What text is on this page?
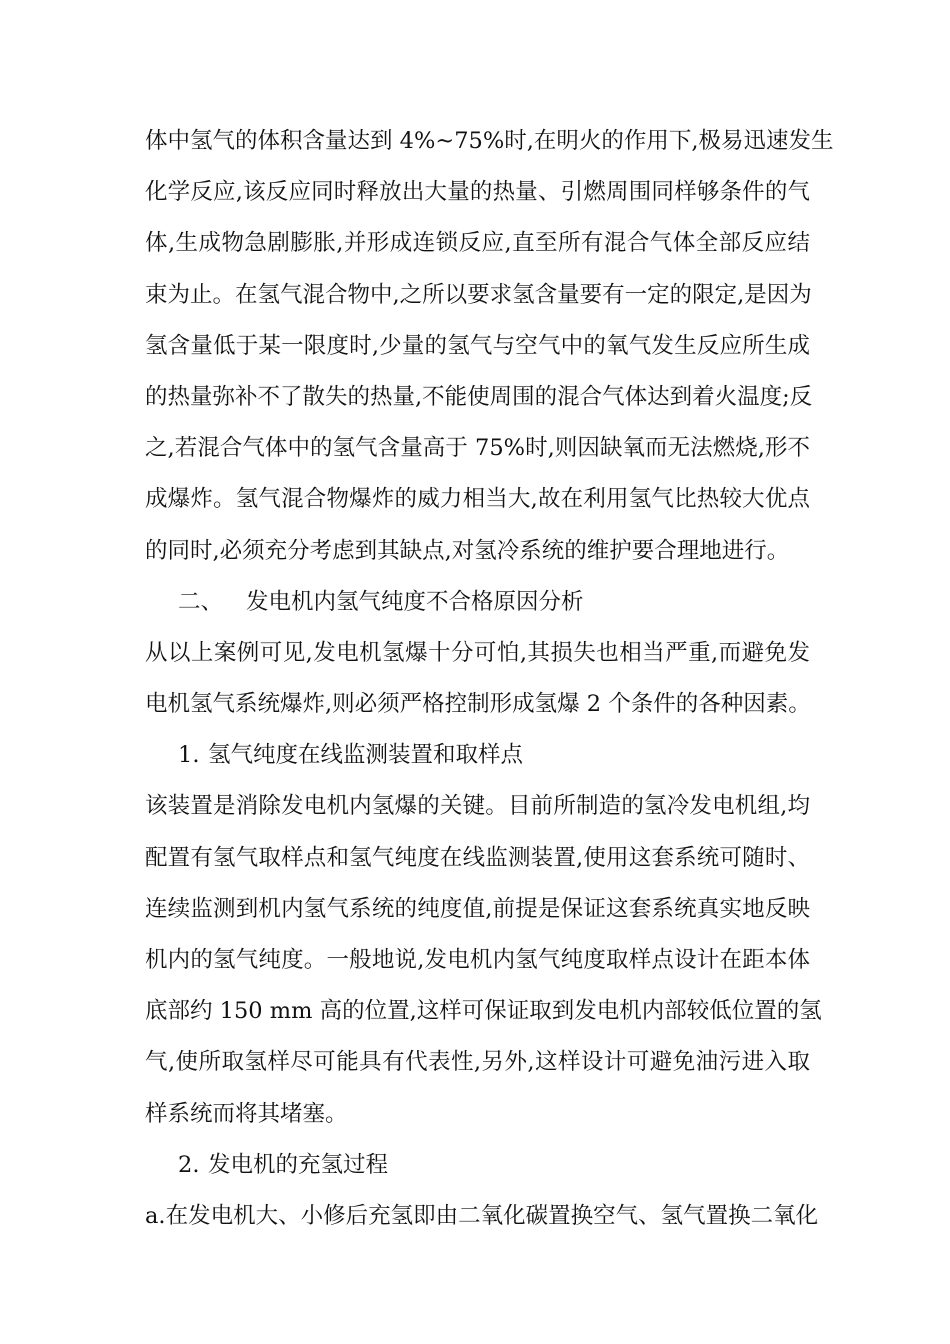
体中氢气的体积含量达到 4%~75%时,在明火的作用下,极易迅速发生
化学反应,该反应同时释放出大量的热量、引燃周围同样够条件的气
体,生成物急剧膨胀,并形成连锁反应,直至所有混合气体全部反应结
束为止。在氢气混合物中,之所以要求氢含量要有一定的限定,是因为
氢含量低于某一限度时,少量的氢气与空气中的氧气发生反应所生成
的热量弥补不了散失的热量,不能使周围的混合气体达到着火温度;反
之,若混合气体中的氢气含量高于 75%时,则因缺氧而无法燃烧,形不
成爆炸。氢气混合物爆炸的威力相当大,故在利用氢气比热较大优点
的同时,必须充分考虑到其缺点,对氢冷系统的维护要合理地进行。
二、 发电机内氢气纯度不合格原因分析
从以上案例可见,发电机氢爆十分可怕,其损失也相当严重,而避免发
电机氢气系统爆炸,则必须严格控制形成氢爆 2 个条件的各种因素。
1. 氢气纯度在线监测装置和取样点
该装置是消除发电机内氢爆的关键。目前所制造的氢冷发电机组,均
配置有氢气取样点和氢气纯度在线监测装置,使用这套系统可随时、
连续监测到机内氢气系统的纯度值,前提是保证这套系统真实地反映
机内的氢气纯度。一般地说,发电机内氢气纯度取样点设计在距本体
底部约 150 mm 高的位置,这样可保证取到发电机内部较低位置的氢
气,使所取氢样尽可能具有代表性,另外,这样设计可避免油污进入取
样系统而将其堵塞。
2. 发电机的充氢过程
a.在发电机大、小修后充氢即由二氧化碳置换空气、氢气置换二氧化
